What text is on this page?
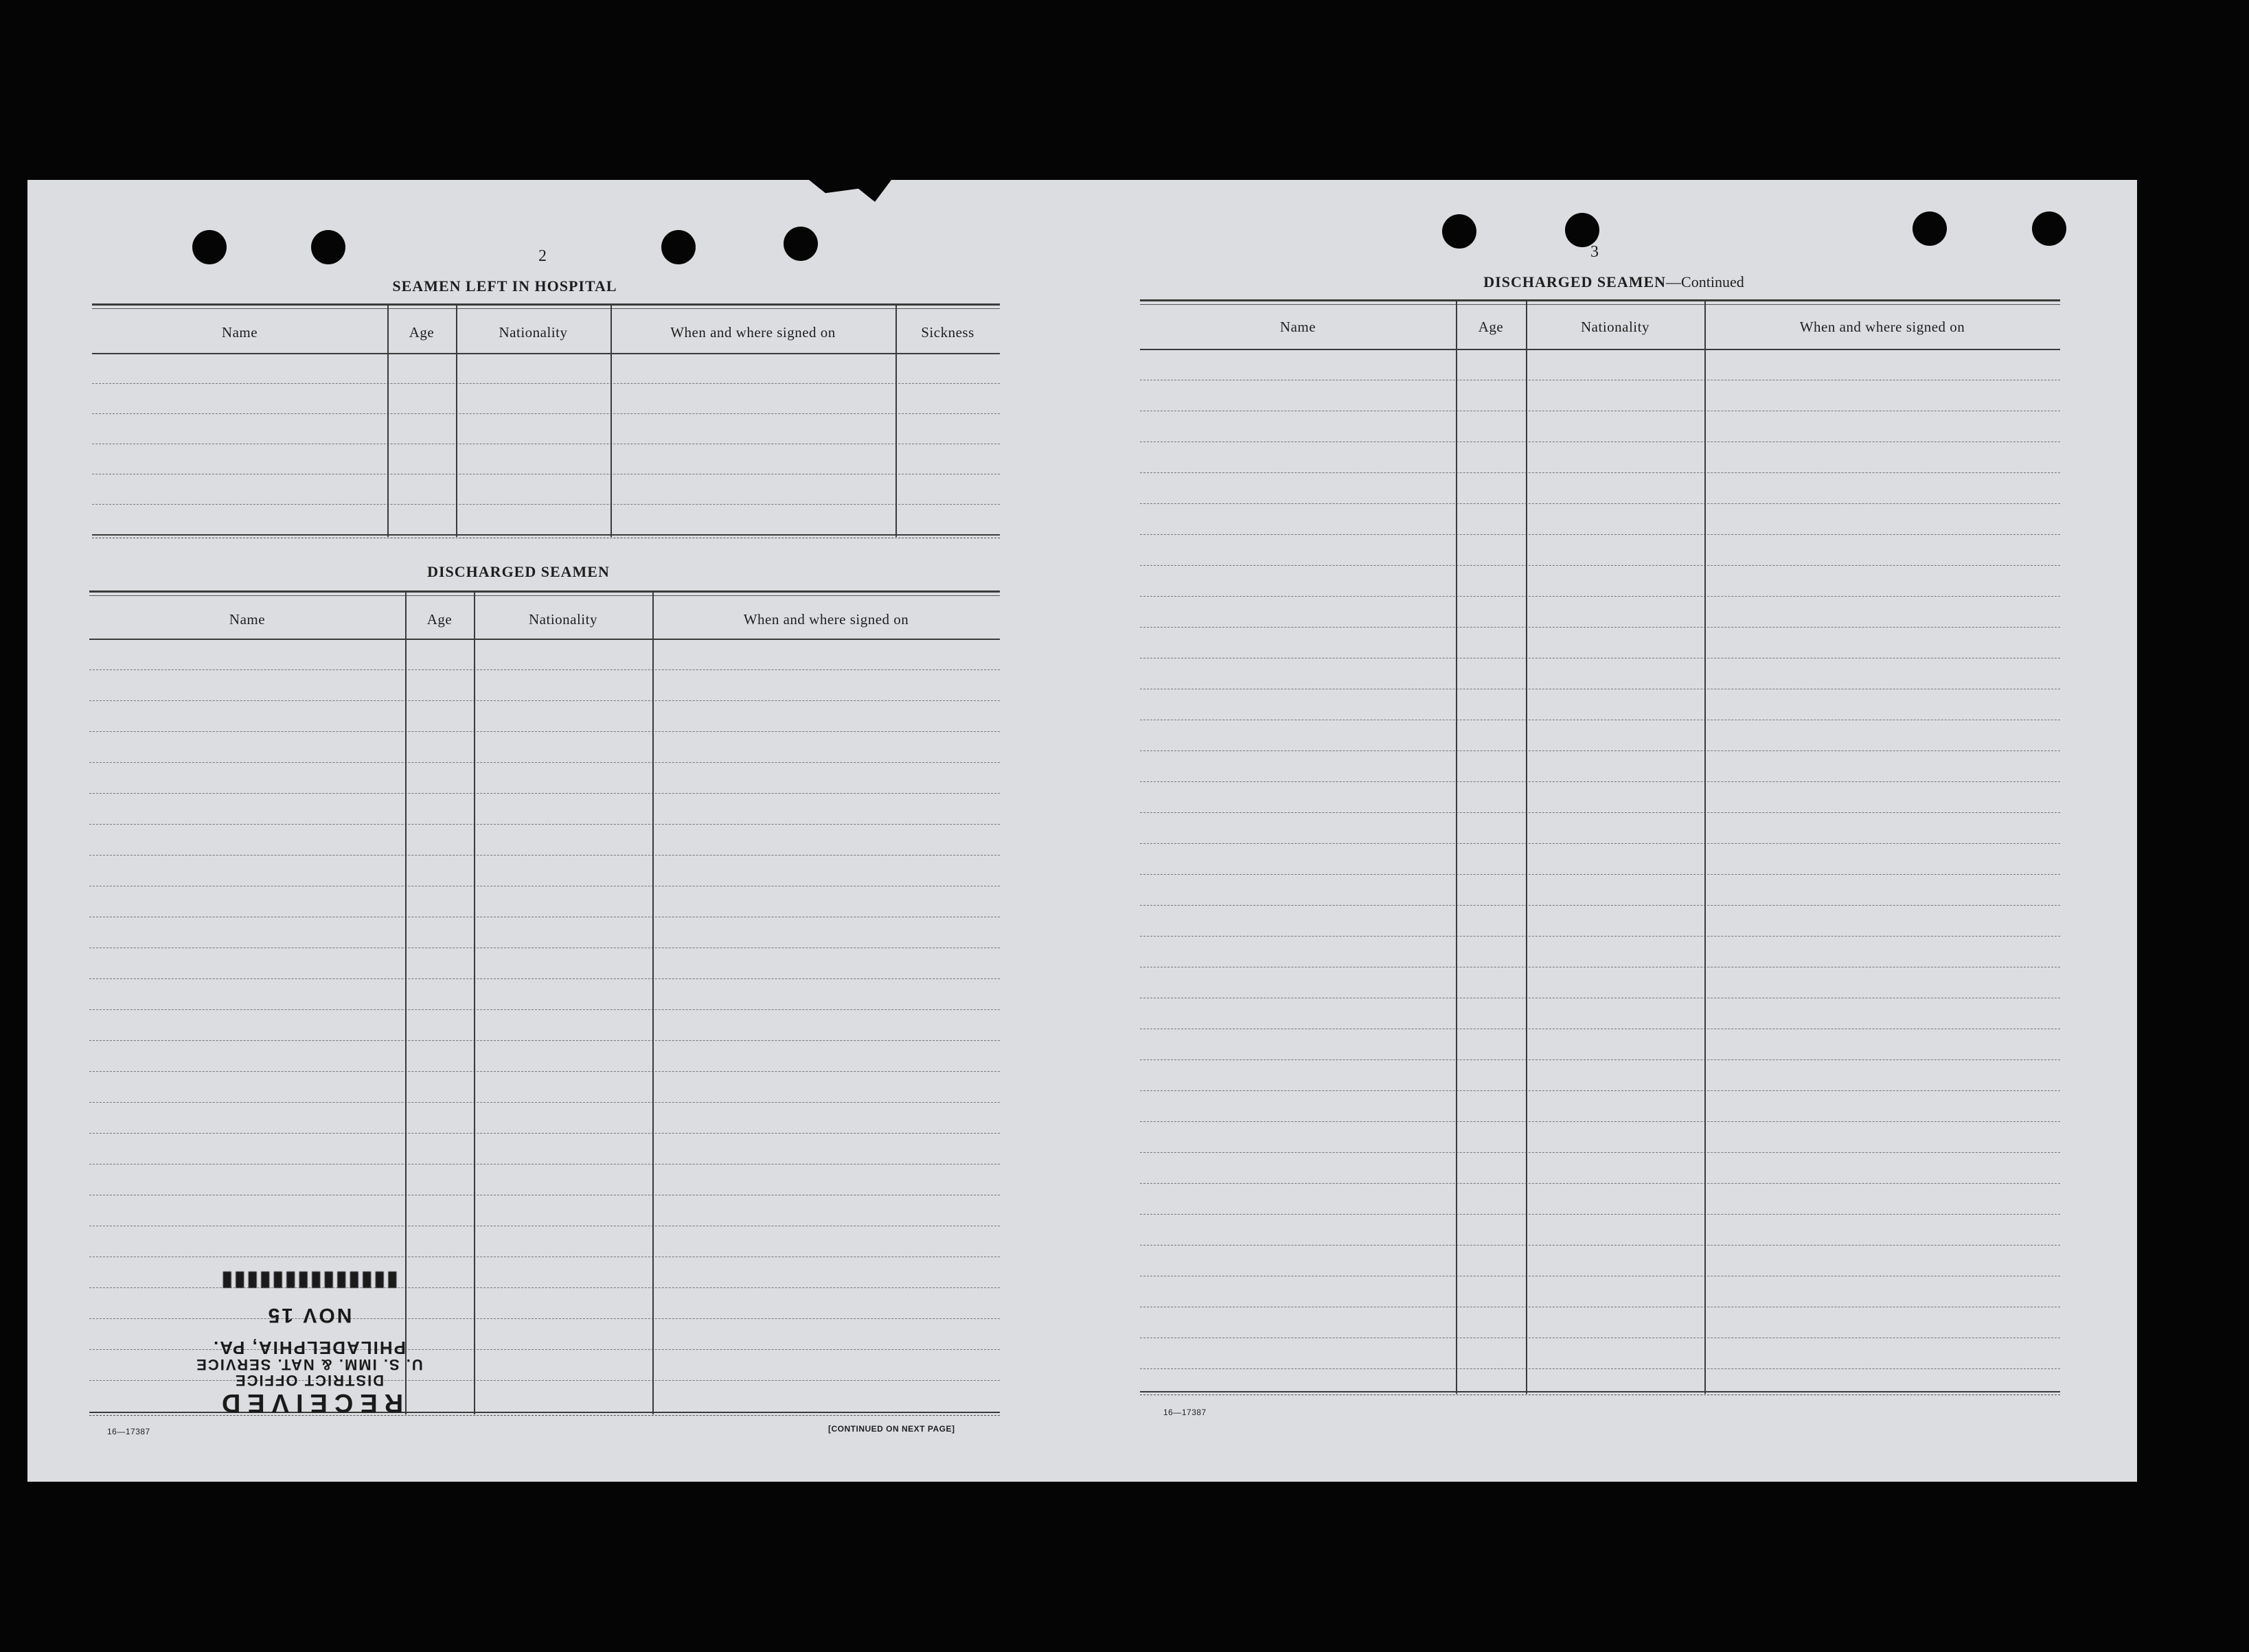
2
SEAMEN LEFT IN HOSPITAL
Name	Age	Nationality	When and where signed on	Sickness
DISCHARGED SEAMEN
Name	Age	Nationality	When and where signed on
16—17387	[CONTINUED ON NEXT PAGE]
RECEIVED
DISTRICT OFFICE
U. S. IMM. & NAT. SERVICE
PHILADELPHIA, PA.
NOV 15
▮▮▮▮▮▮▮▮▮▮▮▮▮▮
3
DISCHARGED SEAMEN—Continued
Name	Age	Nationality	When and where signed on
16—17387
